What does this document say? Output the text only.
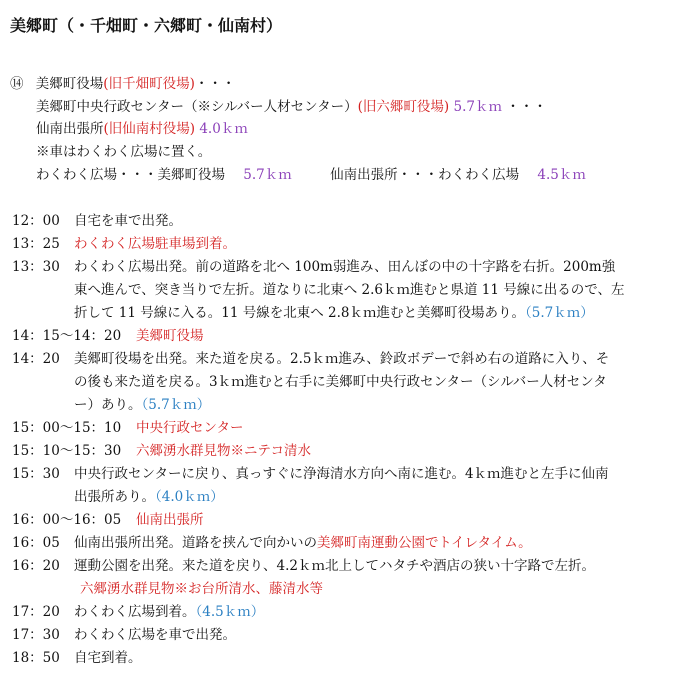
美郷町（・千畑町・六郷町・仙南村）
⑭ 美郷町役場(旧千畑町役場)・・・
美郷町中央行政センター（※シルバー人材センター）(旧六郷町役場) 5.7ｋｍ ・・・
仙南出張所(旧仙南村役場) 4.0ｋｍ
※車はわくわく広場に置く。
わくわく広場・・・美郷町役場 5.7ｋｍ	仙南出張所・・・わくわく広場 4.5ｋｍ
12：00 自宅を車で出発。
13：25 わくわく広場駐車場到着。
13：30 わくわく広場出発。前の道路を北へ 100m弱進み、田んぼの中の十字路を右折。200m強
東へ進んで、突き当りで左折。道なりに北東へ 2.6ｋｍ進むと県道 11 号線に出るので、左
折して 11 号線に入る。11 号線を北東へ 2.8ｋｍ進むと美郷町役場あり。（5.7ｋｍ）
14：15～14：20 美郷町役場
14：20 美郷町役場を出発。来た道を戻る。2.5ｋｍ進み、鈴政ボデーで斜め右の道路に入り、そ
の後も来た道を戻る。3ｋｍ進むと右手に美郷町中央行政センター（シルバー人材センタ
ー）あり。（5.7ｋｍ）
15：00～15：10 中央行政センター
15：10～15：30 六郷湧水群見物※ニテコ清水
15：30 中央行政センターに戻り、真っすぐに浄海清水方向へ南に進む。4ｋｍ進むと左手に仙南
出張所あり。（4.0ｋｍ）
16：00～16：05 仙南出張所
16：05 仙南出張所出発。道路を挟んで向かいの美郷町南運動公園でトイレタイム。
16：20 運動公園を出発。来た道を戻り、4.2ｋｍ北上してハタチや酒店の狭い十字路で左折。
六郷湧水群見物※お台所清水、藤清水等
17：20 わくわく広場到着。（4.5ｋｍ）
17：30 わくわく広場を車で出発。
18：50 自宅到着。
